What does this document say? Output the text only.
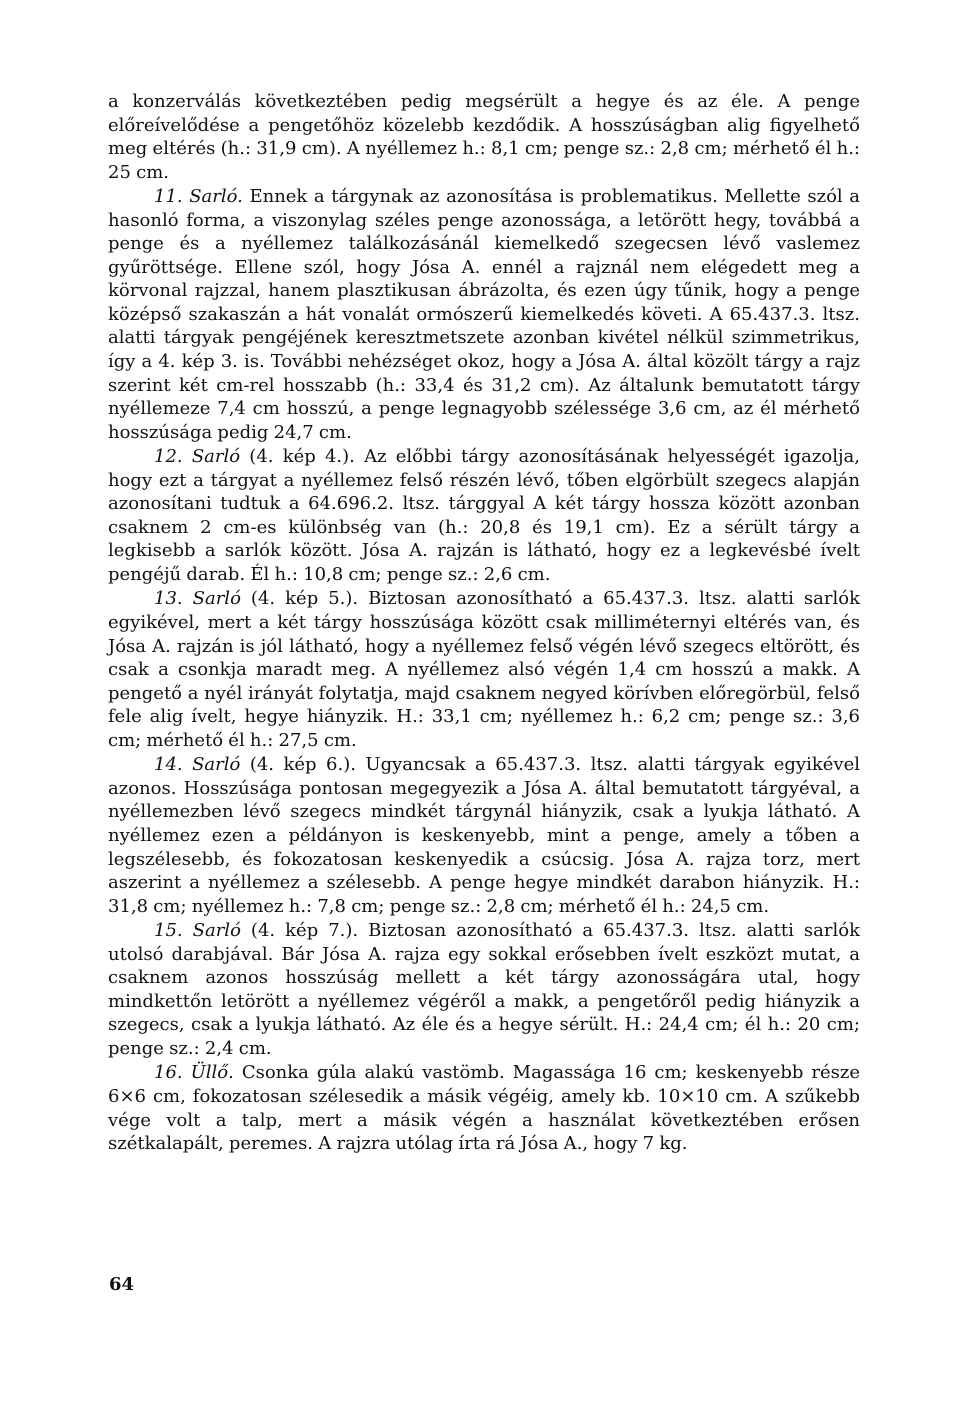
a konzerválás következtében pedig megsérült a hegye és az éle. A penge előreívelődése a pengetőhöz közelebb kezdődik. A hosszúságban alig figyelhető meg eltérés (h.: 31,9 cm). A nyéllemez h.: 8,1 cm; penge sz.: 2,8 cm; mérhető él h.: 25 cm.

11. Sarló. Ennek a tárgynak az azonosítása is problematikus. Mellette szól a hasonló forma, a viszonylag széles penge azonossága, a letörött hegy, továbbá a penge és a nyéllemez találkozásánál kiemelkedő szegecsen lévő vaslemez gyűröttsége. Ellene szól, hogy Jósa A. ennél a rajznál nem elégedett meg a körvonal rajzzal, hanem plasztikusan ábrázolta, és ezen úgy tűnik, hogy a penge középső szakaszán a hát vonalát ormószerű kiemelkedés követi. A 65.437.3. ltsz. alatti tárgyak pengéjének keresztmetszete azonban kivétel nélkül szimmetrikus, így a 4. kép 3. is. További nehézséget okoz, hogy a Jósa A. által közölt tárgy a rajz szerint két cm-rel hosszabb (h.: 33,4 és 31,2 cm). Az általunk bemutatott tárgy nyéllemeze 7,4 cm hosszú, a penge legnagyobb szélessége 3,6 cm, az él mérhető hosszúsága pedig 24,7 cm.

12. Sarló (4. kép 4.). Az előbbi tárgy azonosításának helyességét igazolja, hogy ezt a tárgyat a nyéllemez felső részén lévő, tőben elgörbült szegecs alapján azonosítani tudtuk a 64.696.2. ltsz. tárggyal A két tárgy hossza között azonban csaknem 2 cm-es különbség van (h.: 20,8 és 19,1 cm). Ez a sérült tárgy a legkisebb a sarlók között. Jósa A. rajzán is látható, hogy ez a legkevésbé ívelt pengéjű darab. Él h.: 10,8 cm; penge sz.: 2,6 cm.

13. Sarló (4. kép 5.). Biztosan azonosítható a 65.437.3. ltsz. alatti sarlók egyikével, mert a két tárgy hosszúsága között csak milliméternyi eltérés van, és Jósa A. rajzán is jól látható, hogy a nyéllemez felső végén lévő szegecs eltörött, és csak a csonkja maradt meg. A nyéllemez alsó végén 1,4 cm hosszú a makk. A pengető a nyél irányát folytatja, majd csaknem negyed körívben előregörbül, felső fele alig ívelt, hegye hiányzik. H.: 33,1 cm; nyéllemez h.: 6,2 cm; penge sz.: 3,6 cm; mérhető él h.: 27,5 cm.

14. Sarló (4. kép 6.). Ugyancsak a 65.437.3. ltsz. alatti tárgyak egyikével azonos. Hosszúsága pontosan megegyezik a Jósa A. által bemutatott tárgyéval, a nyéllemezben lévő szegecs mindkét tárgynál hiányzik, csak a lyukja látható. A nyéllemez ezen a példányon is keskenyebb, mint a penge, amely a tőben a legszélesebb, és fokozatosan keskenyedik a csúcsig. Jósa A. rajza torz, mert aszerint a nyéllemez a szélesebb. A penge hegye mindkét darabon hiányzik. H.: 31,8 cm; nyéllemez h.: 7,8 cm; penge sz.: 2,8 cm; mérhető él h.: 24,5 cm.

15. Sarló (4. kép 7.). Biztosan azonosítható a 65.437.3. ltsz. alatti sarlók utolsó darabjával. Bár Jósa A. rajza egy sokkal erősebben ívelt eszközt mutat, a csaknem azonos hosszúság mellett a két tárgy azonosságára utal, hogy mindkettőn letörött a nyéllemez végéről a makk, a pengetőről pedig hiányzik a szegecs, csak a lyukja látható. Az éle és a hegye sérült. H.: 24,4 cm; él h.: 20 cm; penge sz.: 2,4 cm.

16. Üllő. Csonka gúla alakú vastömb. Magassága 16 cm; keskenyebb része 6×6 cm, fokozatosan szélesedik a másik végéig, amely kb. 10×10 cm. A szűkebb vége volt a talp, mert a másik végén a használat következtében erősen szétkalapált, peremes. A rajzra utólag írta rá Jósa A., hogy 7 kg.

64
